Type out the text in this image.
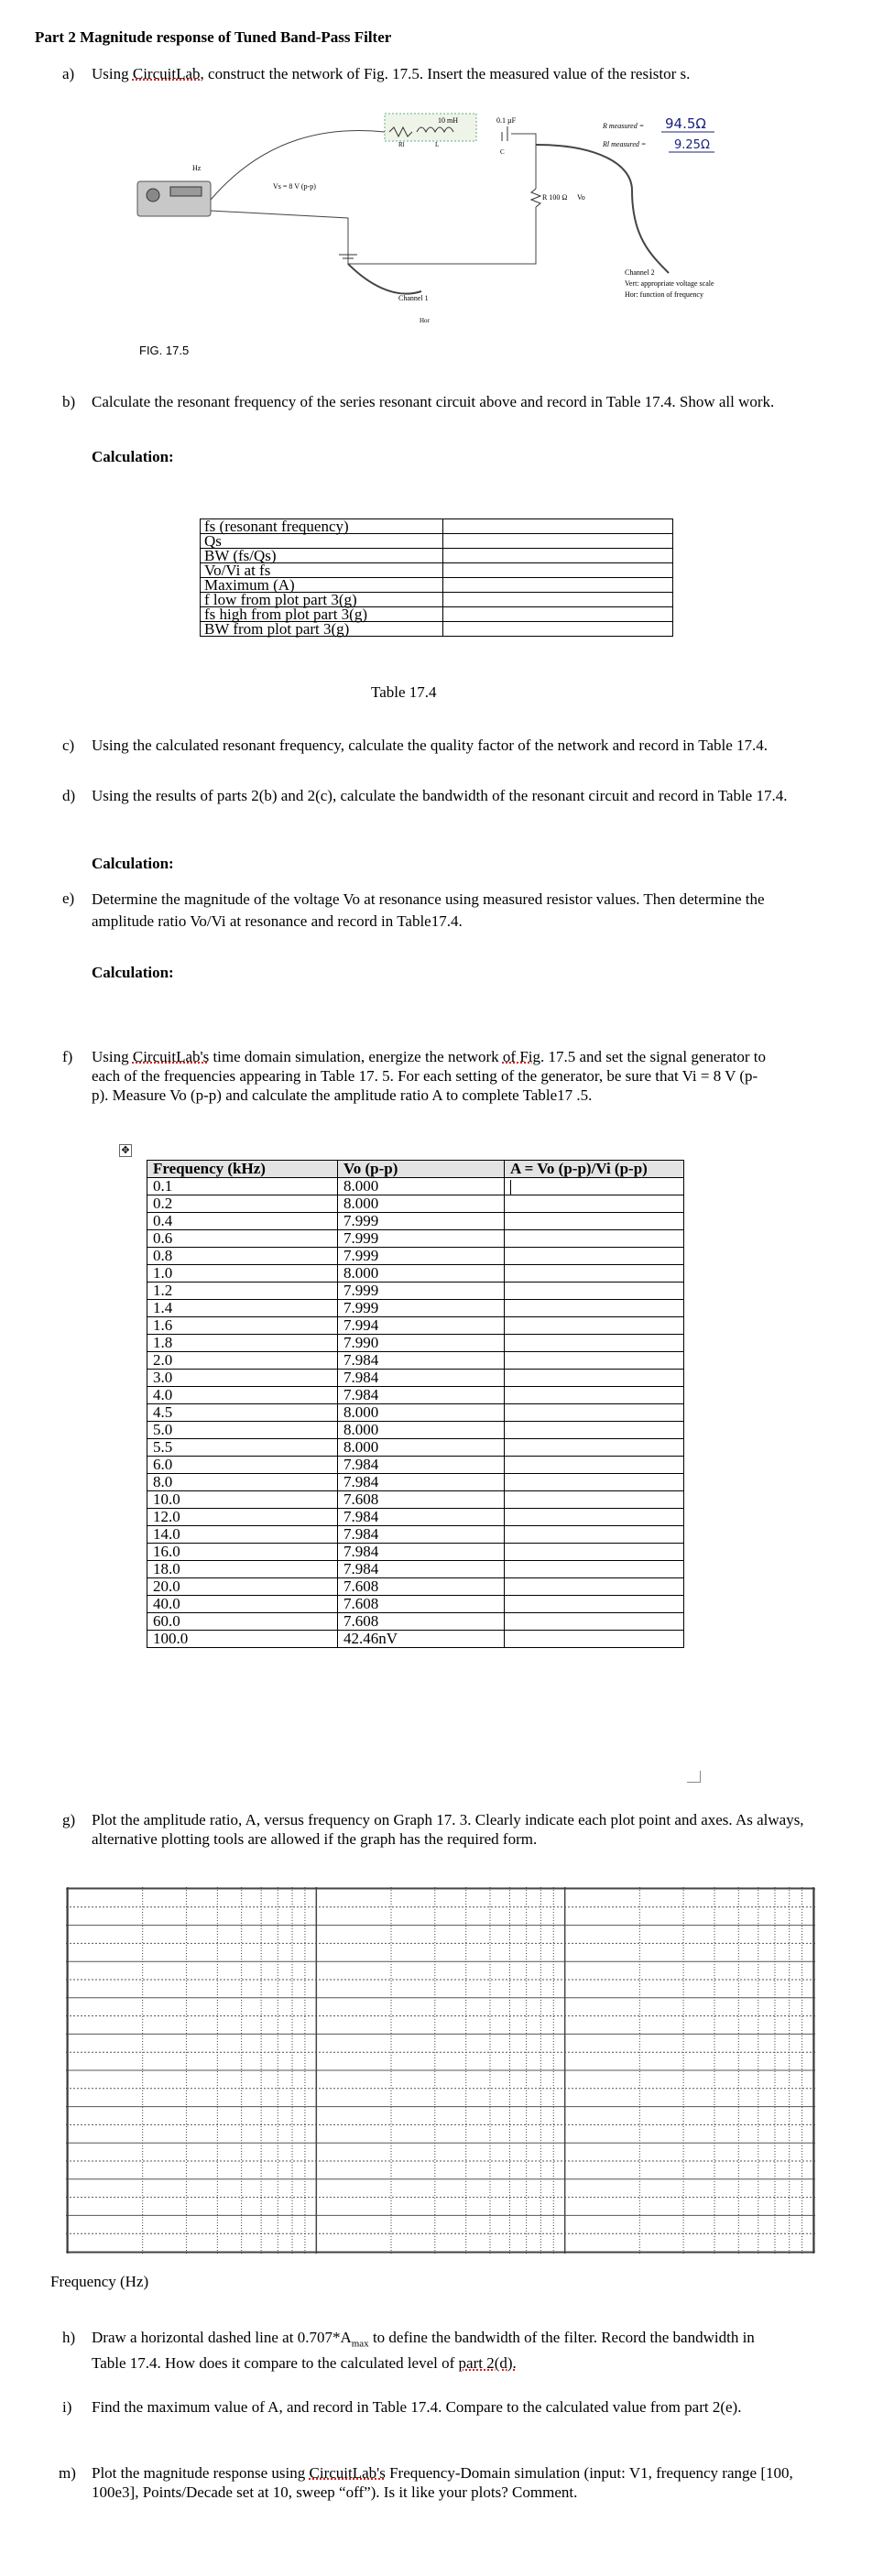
Part 2 Magnitude response of Tuned Band-Pass Filter
a) Using CircuitLab, construct the network of Fig. 17.5. Insert the measured value of the resistor s.
Hz
10 mH	0.1 µF
Rl	L
C
R 100 Ω Vo
Vs = 8 V (p-p)
Channel 1
Hor
Channel 2
Vert: appropriate voltage scale
Hor: function of frequency
R measured = 94.5Ω
Rl measured = 9.25Ω
FIG. 17.5
b) Calculate the resonant frequency of the series resonant circuit above and record in Table 17.4. Show all work.
Calculation:
fs (resonant frequency)	
Qs	
BW (fs/Qs)	
Vo/Vi at fs	
Maximum (A)	
f low from plot part 3(g)	
fs high from plot part 3(g)	
BW from plot part 3(g)	
Table 17.4
c) Using the calculated resonant frequency, calculate the quality factor of the network and record in Table 17.4.
d) Using the results of parts 2(b) and 2(c), calculate the bandwidth of the resonant circuit and record in Table 17.4.
Calculation:
e) Determine the magnitude of the voltage Vo at resonance using measured resistor values. Then determine the amplitude ratio Vo/Vi at resonance and record in Table17.4.
Calculation:
f) Using CircuitLab's time domain simulation, energize the network of Fig. 17.5 and set the signal generator to each of the frequencies appearing in Table 17. 5. For each setting of the generator, be sure that Vi = 8 V (p-p). Measure Vo (p-p) and calculate the amplitude ratio A to complete Table17 .5.
✥
Frequency (kHz)	Vo (p-p)	A = Vo (p-p)/Vi (p-p)
0.1	8.000	
0.2	8.000	
0.4	7.999	
0.6	7.999	
0.8	7.999	
1.0	8.000	
1.2	7.999	
1.4	7.999	
1.6	7.994	
1.8	7.990	
2.0	7.984	
3.0	7.984	
4.0	7.984	
4.5	8.000	
5.0	8.000	
5.5	8.000	
6.0	7.984	
8.0	7.984	
10.0	7.608	
12.0	7.984	
14.0	7.984	
16.0	7.984	
18.0	7.984	
20.0	7.608	
40.0	7.608	
60.0	7.608	
100.0	42.46nV	
g) Plot the amplitude ratio, A, versus frequency on Graph 17. 3. Clearly indicate each plot point and axes. As always, alternative plotting tools are allowed if the graph has the required form.
Frequency (Hz)
h) Draw a horizontal dashed line at $0.707*A_{max}$ to define the bandwidth of the filter. Record the bandwidth in Table 17.4. How does it compare to the calculated level of part 2(d).
i) Find the maximum value of A, and record in Table 17.4. Compare to the calculated value from part 2(e).
m) Plot the magnitude response using CircuitLab's Frequency-Domain simulation (input: V1, frequency range [100, 100e3], Points/Decade set at 10, sweep “off”). Is it like your plots? Comment.
